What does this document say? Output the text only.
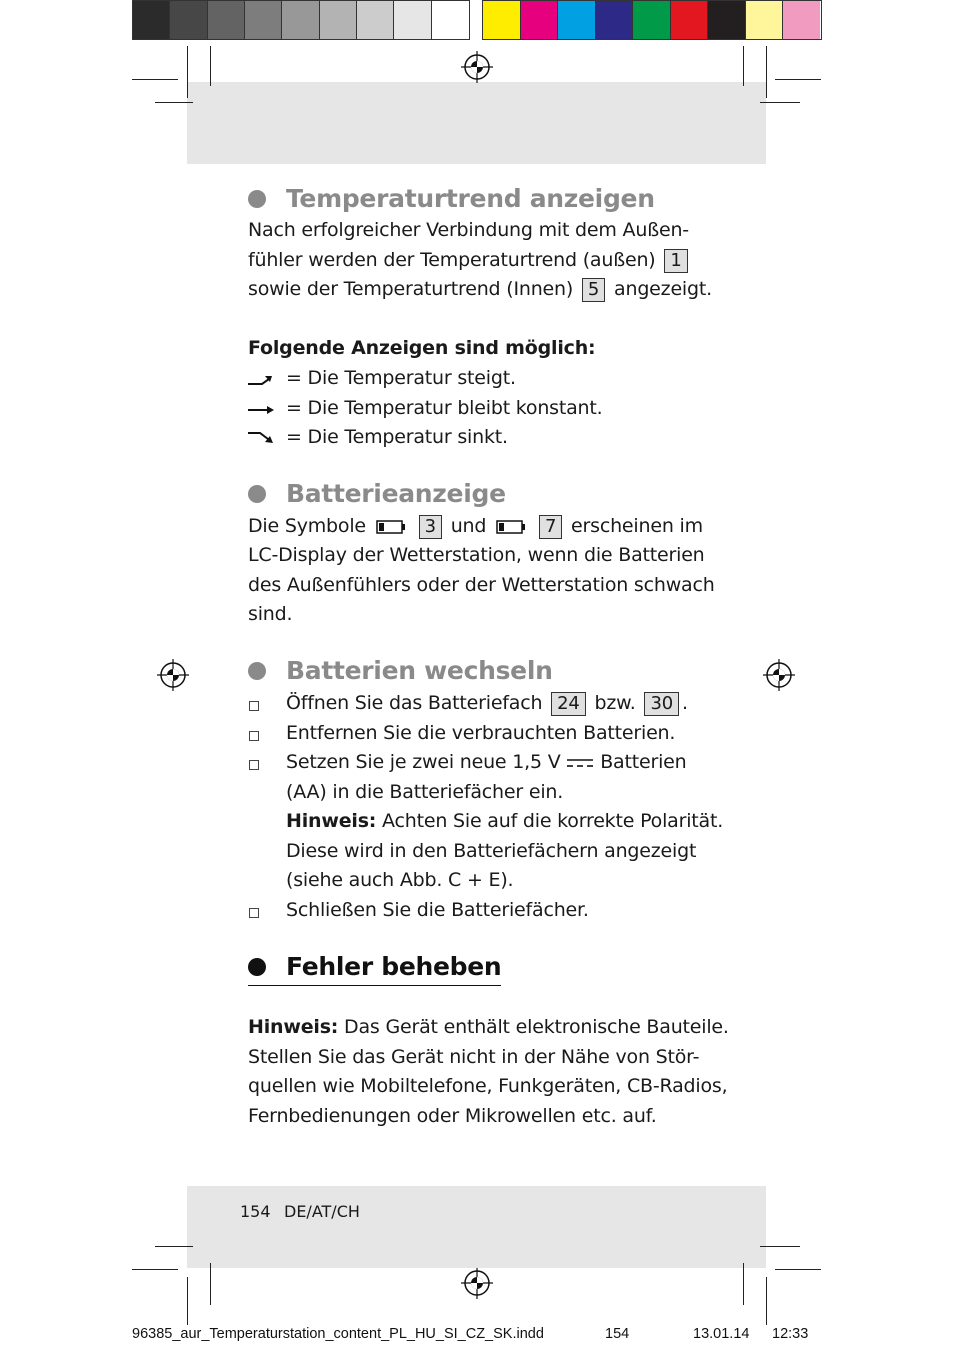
Temperaturtrend anzeigen
Nach erfolgreicher Verbindung mit dem Außen-
fühler werden der Temperaturtrend (außen) 1
sowie der Temperaturtrend (Innen) 5 angezeigt.
Folgende Anzeigen sind möglich:
= Die Temperatur steigt.
= Die Temperatur bleibt konstant.
= Die Temperatur sinkt.
Batterieanzeige
Die Symbole	3 und	7 erscheinen im
LC-Display der Wetterstation, wenn die Batterien
des Außenfühlers oder der Wetterstation schwach
sind.
Batterien wechseln
Öffnen Sie das Batteriefach 24 bzw. 30 .
Entfernen Sie die verbrauchten Batterien.
Setzen Sie je zwei neue 1,5 V Batterien
(AA) in die Batteriefächer ein.
Hinweis: Achten Sie auf die korrekte Polarität.
Diese wird in den Batteriefächern angezeigt
(siehe auch Abb. C + E).
Schließen Sie die Batteriefächer.
Fehler beheben
Hinweis: Das Gerät enthält elektronische Bauteile.
Stellen Sie das Gerät nicht in der Nähe von Stör-
quellen wie Mobiltelefone, Funkgeräten, CB-Radios,
Fernbedienungen oder Mikrowellen etc. auf.
154 DE/AT/CH
96385_aur_Temperaturstation_content_PL_HU_SI_CZ_SK.indd	154	13.01.14 12:33
